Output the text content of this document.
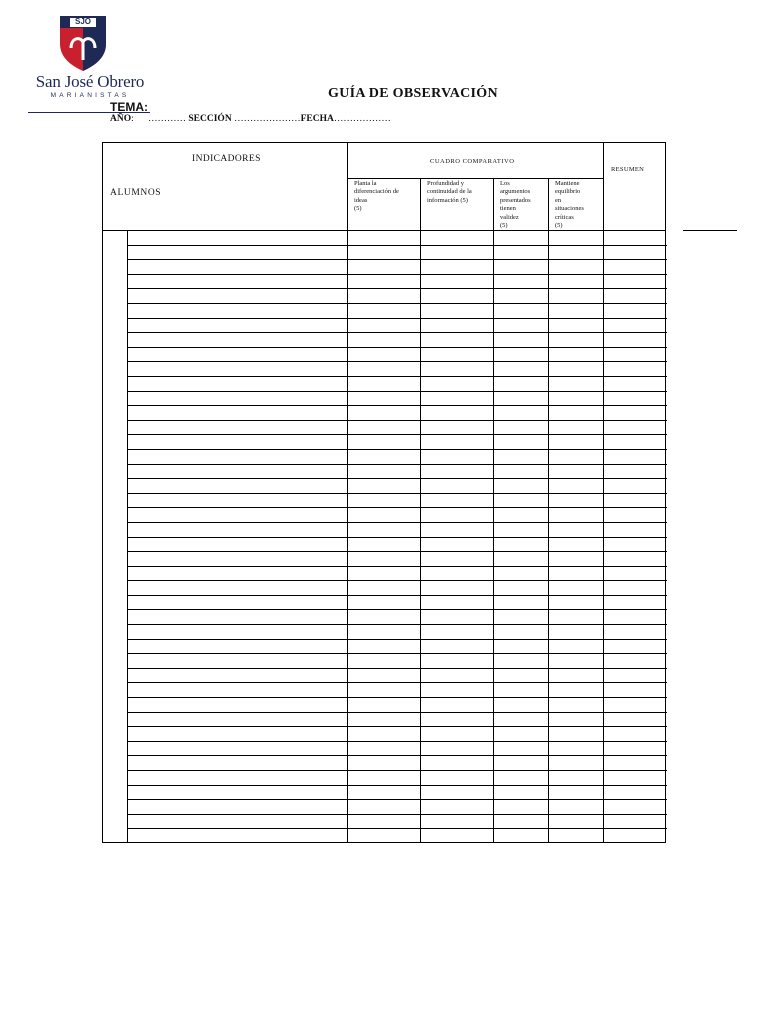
SJO
San José Obrero
MARIANISTAS	GUÍA DE OBSERVACIÓN
TEMA:
AÑO: ………… SECCIÓN …………………FECHA………………
INDICADORES
ALUMNOS
CUADRO COMPARATIVO
RESUMEN
Planta la
diferenciación de
ideas
(5)
Profundidad y
continuidad de la
información (5)
Los
argumentos
presentados
tienen
validez
(5)
Mantiene
equilibrio
en
situaciones
críticas
(5)
